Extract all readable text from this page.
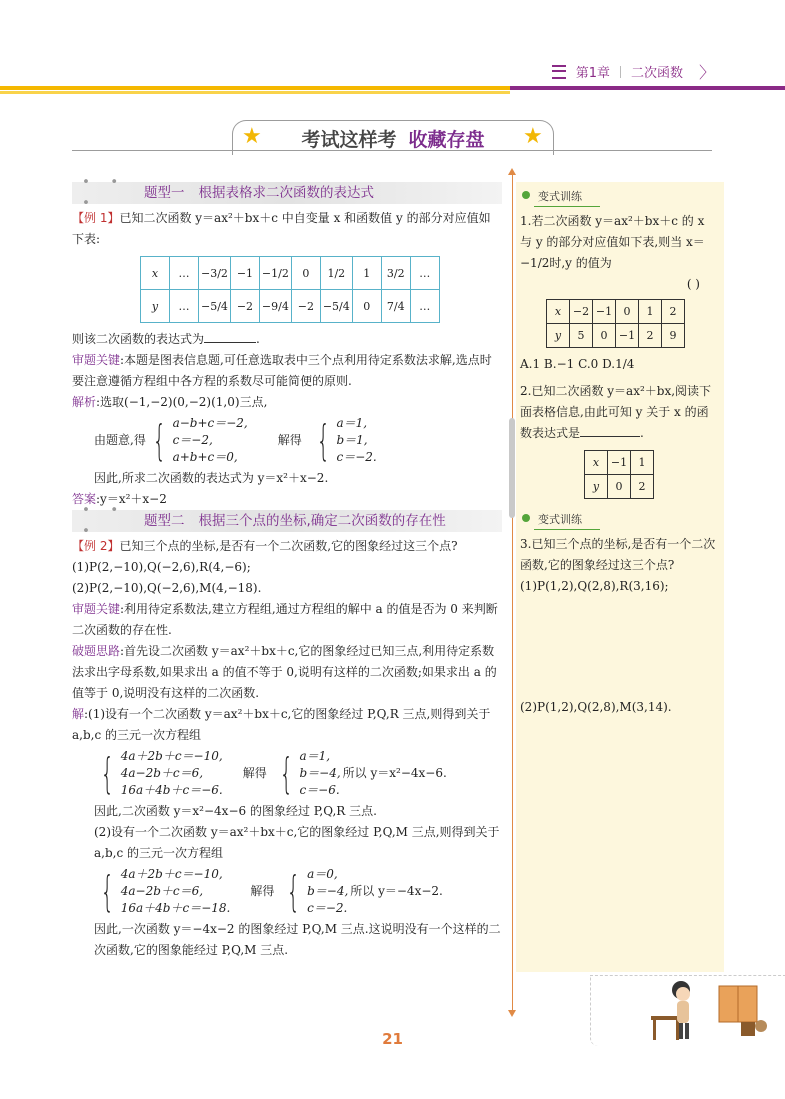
第1章 二次函数 〉
★ 考试这样考 收藏存盘 ★
• • •
题型一 根据表格求二次函数的表达式

【例 1】已知二次函数 y＝ax²＋bx＋c 中自变量 x 和函数值 y 的部分对应值如下表:

x	…	−3/2	−1	−1/2	0	1/2	1	3/2	…
y	…	−5/4	−2	−9/4	−2	−5/4	0	7/4	…

则该二次函数的表达式为	.

审题关键:本题是图表信息题,可任意选取表中三个点利用待定系数法求解,选点时要注意遵循方程组中各方程的系数尽可能简便的原则.

解析:选取(−1,−2)(0,−2)(1,0)三点,

由题意,得 { a−b+c＝−2,
c＝−2,
a+b+c＝0,
解得 { a＝1,
b＝1,
c＝−2.

因此,所求二次函数的表达式为 y＝x²＋x−2.

答案:y＝x²＋x−2

• • •
题型二 根据三个点的坐标,确定二次函数的存在性

【例 2】已知三个点的坐标,是否有一个二次函数,它的图象经过这三个点?

(1)P(2,−10),Q(−2,6),R(4,−6);

(2)P(2,−10),Q(−2,6),M(4,−18).

审题关键:利用待定系数法,建立方程组,通过方程组的解中 a 的值是否为 0 来判断二次函数的存在性.

破题思路:首先设二次函数 y＝ax²＋bx＋c,它的图象经过已知三点,利用待定系数法求出字母系数,如果求出 a 的值不等于 0,说明有这样的二次函数;如果求出 a 的值等于 0,说明没有这样的二次函数.

解:(1)设有一个二次函数 y＝ax²＋bx＋c,它的图象经过 P,Q,R 三点,则得到关于 a,b,c 的三元一次方程组

{ 4a＋2b＋c＝−10,
4a−2b＋c＝6,
16a＋4b＋c＝−6.
解得 { a＝1,
b＝−4,
c＝−6.
所以 y＝x²−4x−6.

因此,二次函数 y＝x²−4x−6 的图象经过 P,Q,R 三点.

(2)设有一个二次函数 y＝ax²＋bx＋c,它的图象经过 P,Q,M 三点,则得到关于 a,b,c 的三元一次方程组

{ 4a＋2b＋c＝−10,
4a−2b＋c＝6,
16a＋4b＋c＝−18.
解得 { a＝0,
b＝−4,
c＝−2.
所以 y＝−4x−2.

因此,一次函数 y＝−4x−2 的图象经过 P,Q,M 三点.这说明没有一个这样的二次函数,它的图象能经过 P,Q,M 三点.

变式训练

1.若二次函数 y＝ax²＋bx＋c 的 x 与 y 的部分对应值如下表,则当 x＝−1/2时,y 的值为

( )

x	−2	−1	0	1	2
y	5	0	−1	2	9

A.1 B.−1 C.0 D.1/4

2.已知二次函数 y＝ax²＋bx,阅读下面表格信息,由此可知 y 关于 x 的函数表达式是	.

x	−1	1
y	0	2
变式训练

3.已知三个点的坐标,是否有一个二次函数,它的图象经过这三个点?

(1)P(1,2),Q(2,8),R(3,16);

(2)P(1,2),Q(2,8),M(3,14).

21
